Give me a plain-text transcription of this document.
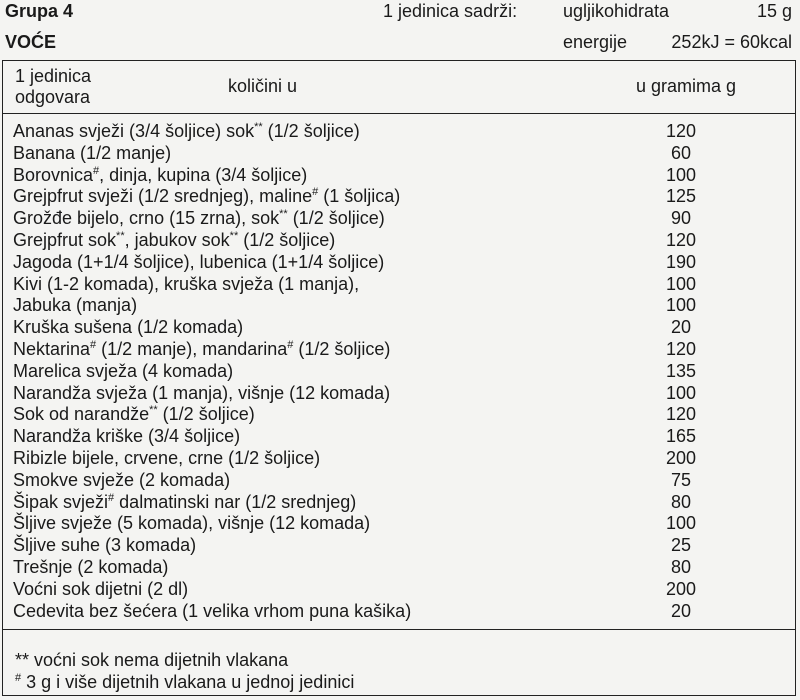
Grupa 4
VOĆE
1 jedinica sadrži:	ugljikohidrata	15 g
energije 252kJ = 60kcal
1 jedinica
odgovara
količini u	u gramima g
Ananas svježi (3/4 šoljice) sok** (1/2 šoljice)	120
Banana (1/2 manje)	60
Borovnica#, dinja, kupina (3/4 šoljice)	100
Grejpfrut svježi (1/2 srednjeg), maline# (1 šoljica)	125
Grožđe bijelo, crno (15 zrna), sok** (1/2 šoljice)	90
Grejpfrut sok**, jabukov sok** (1/2 šoljice)	120
Jagoda (1+1/4 šoljice), lubenica (1+1/4 šoljice)	190
Kivi (1-2 komada), kruška svježa (1 manja),	100
Jabuka (manja)	100
Kruška sušena (1/2 komada)	20
Nektarina# (1/2 manje), mandarina# (1/2 šoljice)	120
Marelica svježa (4 komada)	135
Narandža svježa (1 manja), višnje (12 komada)	100
Sok od narandže** (1/2 šoljice)	120
Narandža kriške (3/4 šoljice)	165
Ribizle bijele, crvene, crne (1/2 šoljice)	200
Smokve svježe (2 komada)	75
Šipak svježi# dalmatinski nar (1/2 srednjeg)	80
Šljive svježe (5 komada), višnje (12 komada)	100
Šljive suhe (3 komada)	25
Trešnje (2 komada)	80
Voćni sok dijetni (2 dl)	200
Cedevita bez šećera (1 velika vrhom puna kašika)	20
** voćni sok nema dijetnih vlakana
# 3 g i više dijetnih vlakana u jednoj jedinici
